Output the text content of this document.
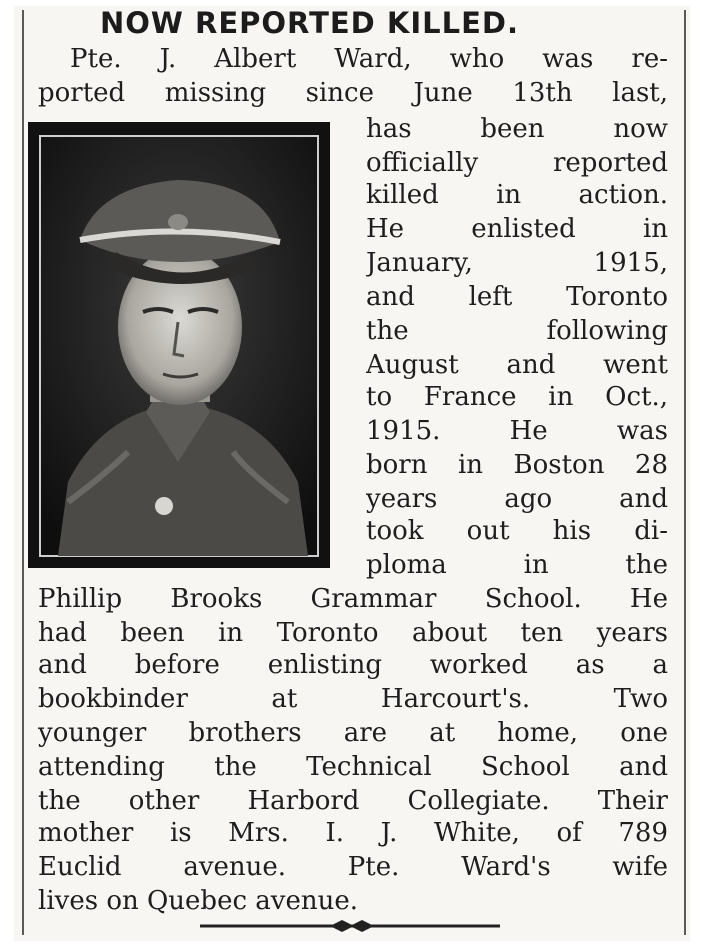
NOW REPORTED KILLED.
Pte. J. Albert Ward, who was re-
ported missing since June 13th last,
has been now
officially reported
killed in action.
He enlisted in
January, 1915,
and left Toronto
the following
August and went
to France in Oct.,
1915. He was
born in Boston 28
years ago and
took out his di-
ploma in the
Phillip Brooks Grammar School. He
had been in Toronto about ten years
and before enlisting worked as a
bookbinder at Harcourt's. Two
younger brothers are at home, one
attending the Technical School and
the other Harbord Collegiate. Their
mother is Mrs. I. J. White, of 789
Euclid avenue. Pte. Ward's wife
lives on Quebec avenue.
